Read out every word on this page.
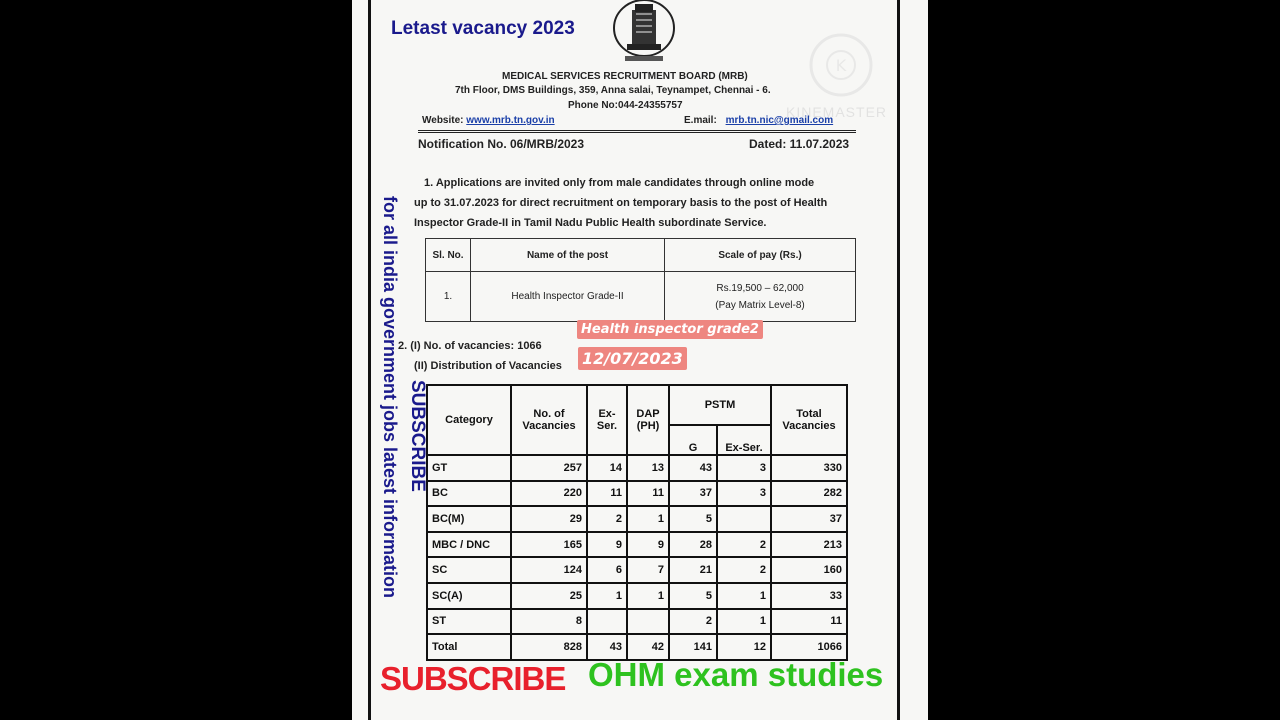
Letast vacancy 2023
K
KINEMASTER
MEDICAL SERVICES RECRUITMENT BOARD (MRB)
7th Floor, DMS Buildings, 359, Anna salai, Teynampet, Chennai - 6.
Phone No:044-24355757
Website: www.mrb.tn.gov.in	E.mail: mrb.tn.nic@gmail.com
Notification No. 06/MRB/2023	Dated: 11.07.2023
1. Applications are invited only from male candidates through online mode
up to 31.07.2023 for direct recruitment on temporary basis to the post of Health
Inspector Grade-II in Tamil Nadu Public Health subordinate Service.
Sl. No.	Name of the post	Scale of pay (Rs.)
1.	Health Inspector Grade-II	Rs.19,500 – 62,000
(Pay Matrix Level-8)
2. (I) No. of vacancies: 1066
(II) Distribution of Vacancies
Health inspector grade2
12/07/2023
Category	No. of Vacancies	Ex-Ser.	DAP (PH)	PSTM		Total Vacancies
				G	Ex-Ser.	
GT	257	14	13	43	3	330
BC	220	11	11	37	3	282
BC(M)	29	2	1	5		37
MBC / DNC	165	9	9	28	2	213
SC	124	6	7	21	2	160
SC(A)	25	1	1	5	1	33
ST	8			2	1	11
Total	828	43	42	141	12	1066
SUBSCRIBE
for all india government jobs latest information
SUBSCRIBE OHM exam studies
